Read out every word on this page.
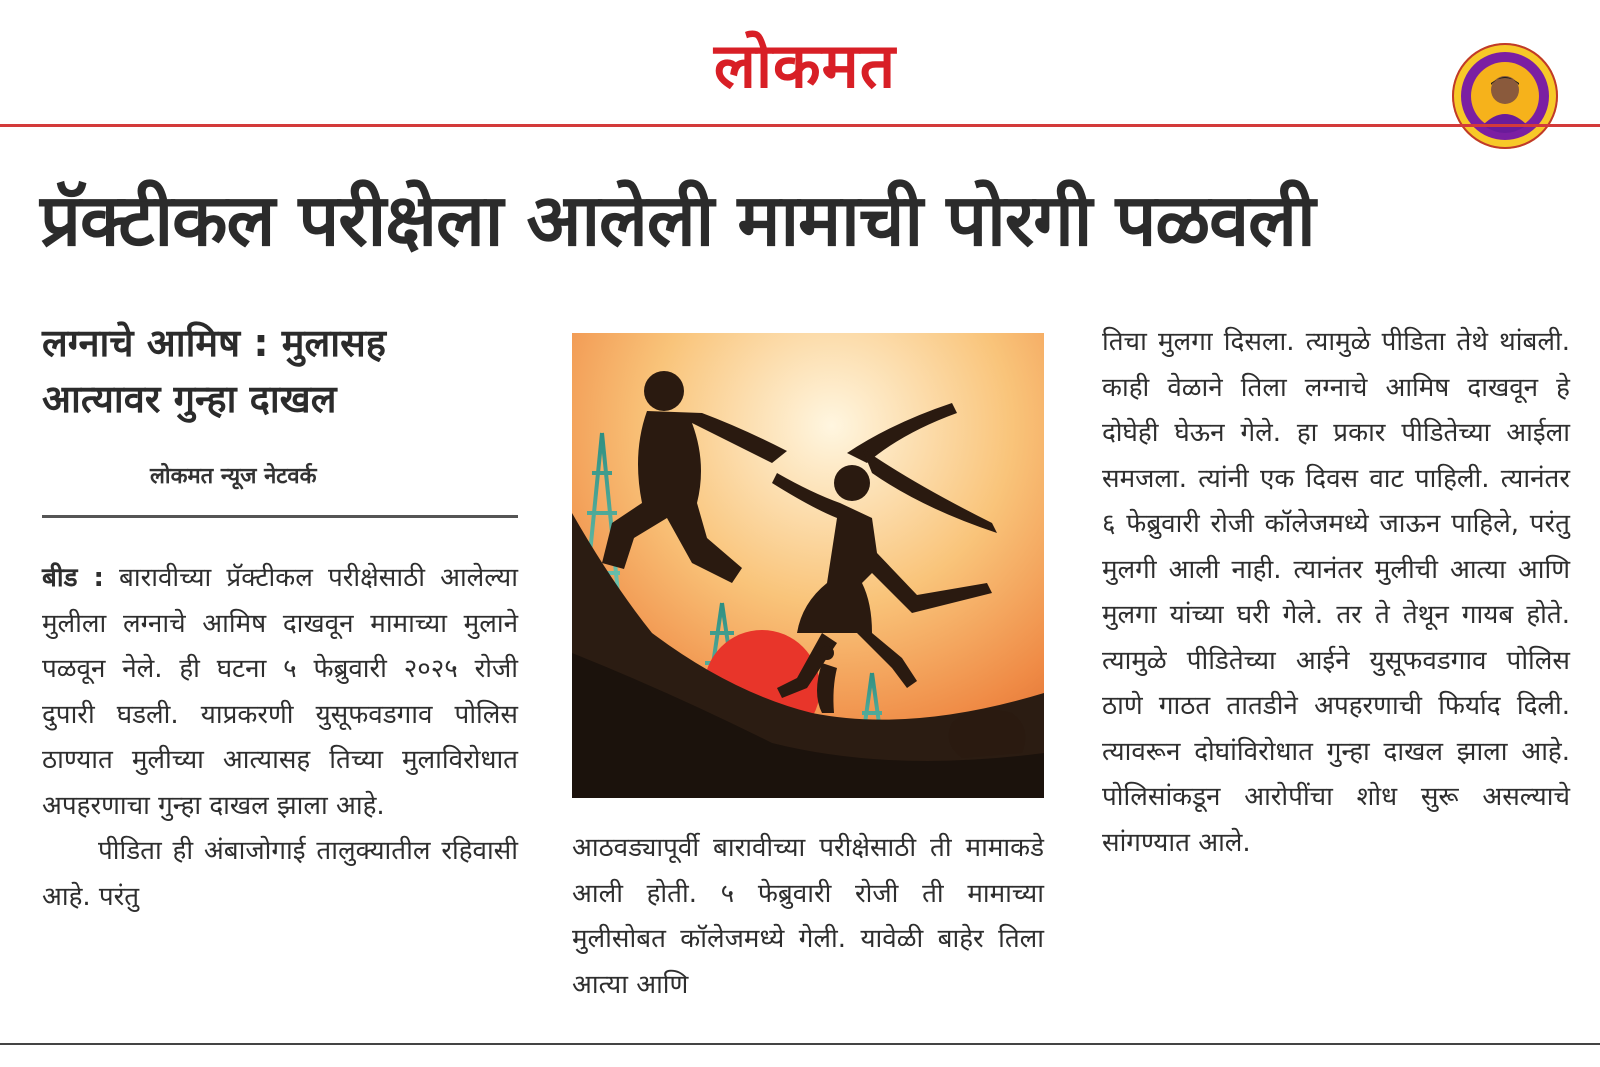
लोकमत
प्रॅक्टीकल परीक्षेला आलेली मामाची पोरगी पळवली
लग्नाचे आमिष : मुलासह
आत्यावर गुन्हा दाखल
लोकमत न्यूज नेटवर्क

बीड : बारावीच्या प्रॅक्टीकल परीक्षेसाठी आलेल्या मुलीला लग्नाचे आमिष दाखवून मामाच्या मुलाने पळवून नेले. ही घटना ५ फेब्रुवारी २०२५ रोजी दुपारी घडली. याप्रकरणी युसूफवडगाव पोलिस ठाण्यात मुलीच्या आत्यासह तिच्या मुलाविरोधात अपहरणाचा गुन्हा दाखल झाला आहे.

पीडिता ही अंबाजोगाई तालुक्यातील रहिवासी आहे. परंतु

आठवड्यापूर्वी बारावीच्या परीक्षेसाठी ती मामाकडे आली होती. ५ फेब्रुवारी रोजी ती मामाच्या मुलीसोबत कॉलेजमध्ये गेली. यावेळी बाहेर तिला आत्या आणि

तिचा मुलगा दिसला. त्यामुळे पीडिता तेथे थांबली. काही वेळाने तिला लग्नाचे आमिष दाखवून हे दोघेही घेऊन गेले. हा प्रकार पीडितेच्या आईला समजला. त्यांनी एक दिवस वाट पाहिली. त्यानंतर ६ फेब्रुवारी रोजी कॉलेजमध्ये जाऊन पाहिले, परंतु मुलगी आली नाही. त्यानंतर मुलीची आत्या आणि मुलगा यांच्या घरी गेले. तर ते तेथून गायब होते. त्यामुळे पीडितेच्या आईने युसूफवडगाव पोलिस ठाणे गाठत तातडीने अपहरणाची फिर्याद दिली. त्यावरून दोघांविरोधात गुन्हा दाखल झाला आहे. पोलिसांकडून आरोपींचा शोध सुरू असल्याचे सांगण्यात आले.
